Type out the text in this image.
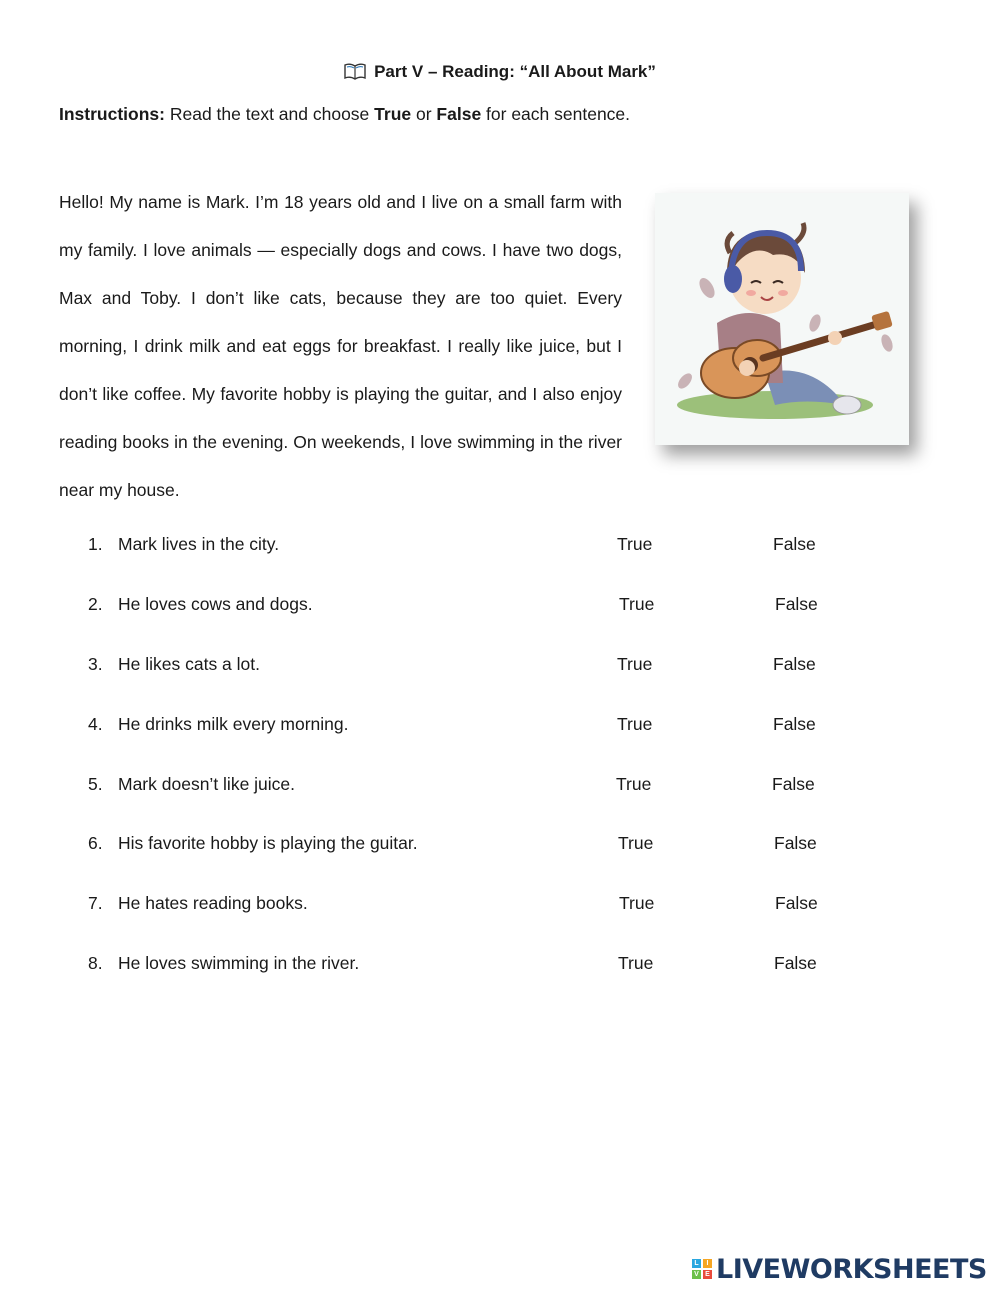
Part V – Reading: “All About Mark”
Instructions: Read the text and choose True or False for each sentence.
Hello! My name is Mark. I’m 18 years old and I live on a small farm with my family. I love animals — especially dogs and cows. I have two dogs, Max and Toby. I don’t like cats, because they are too quiet. Every morning, I drink milk and eat eggs for breakfast. I really like juice, but I don’t like coffee. My favorite hobby is playing the guitar, and I also enjoy reading books in the evening. On weekends, I love swimming in the river near my house.
1. Mark lives in the city.	True	False
2. He loves cows and dogs.	True	False
3. He likes cats a lot.	True	False
4. He drinks milk every morning.	True	False
5. Mark doesn’t like juice.	True	False
6. His favorite hobby is playing the guitar.	True	False
7. He hates reading books.	True	False
8. He loves swimming in the river.	True	False
L	I
V E LIVEWORKSHEETS
